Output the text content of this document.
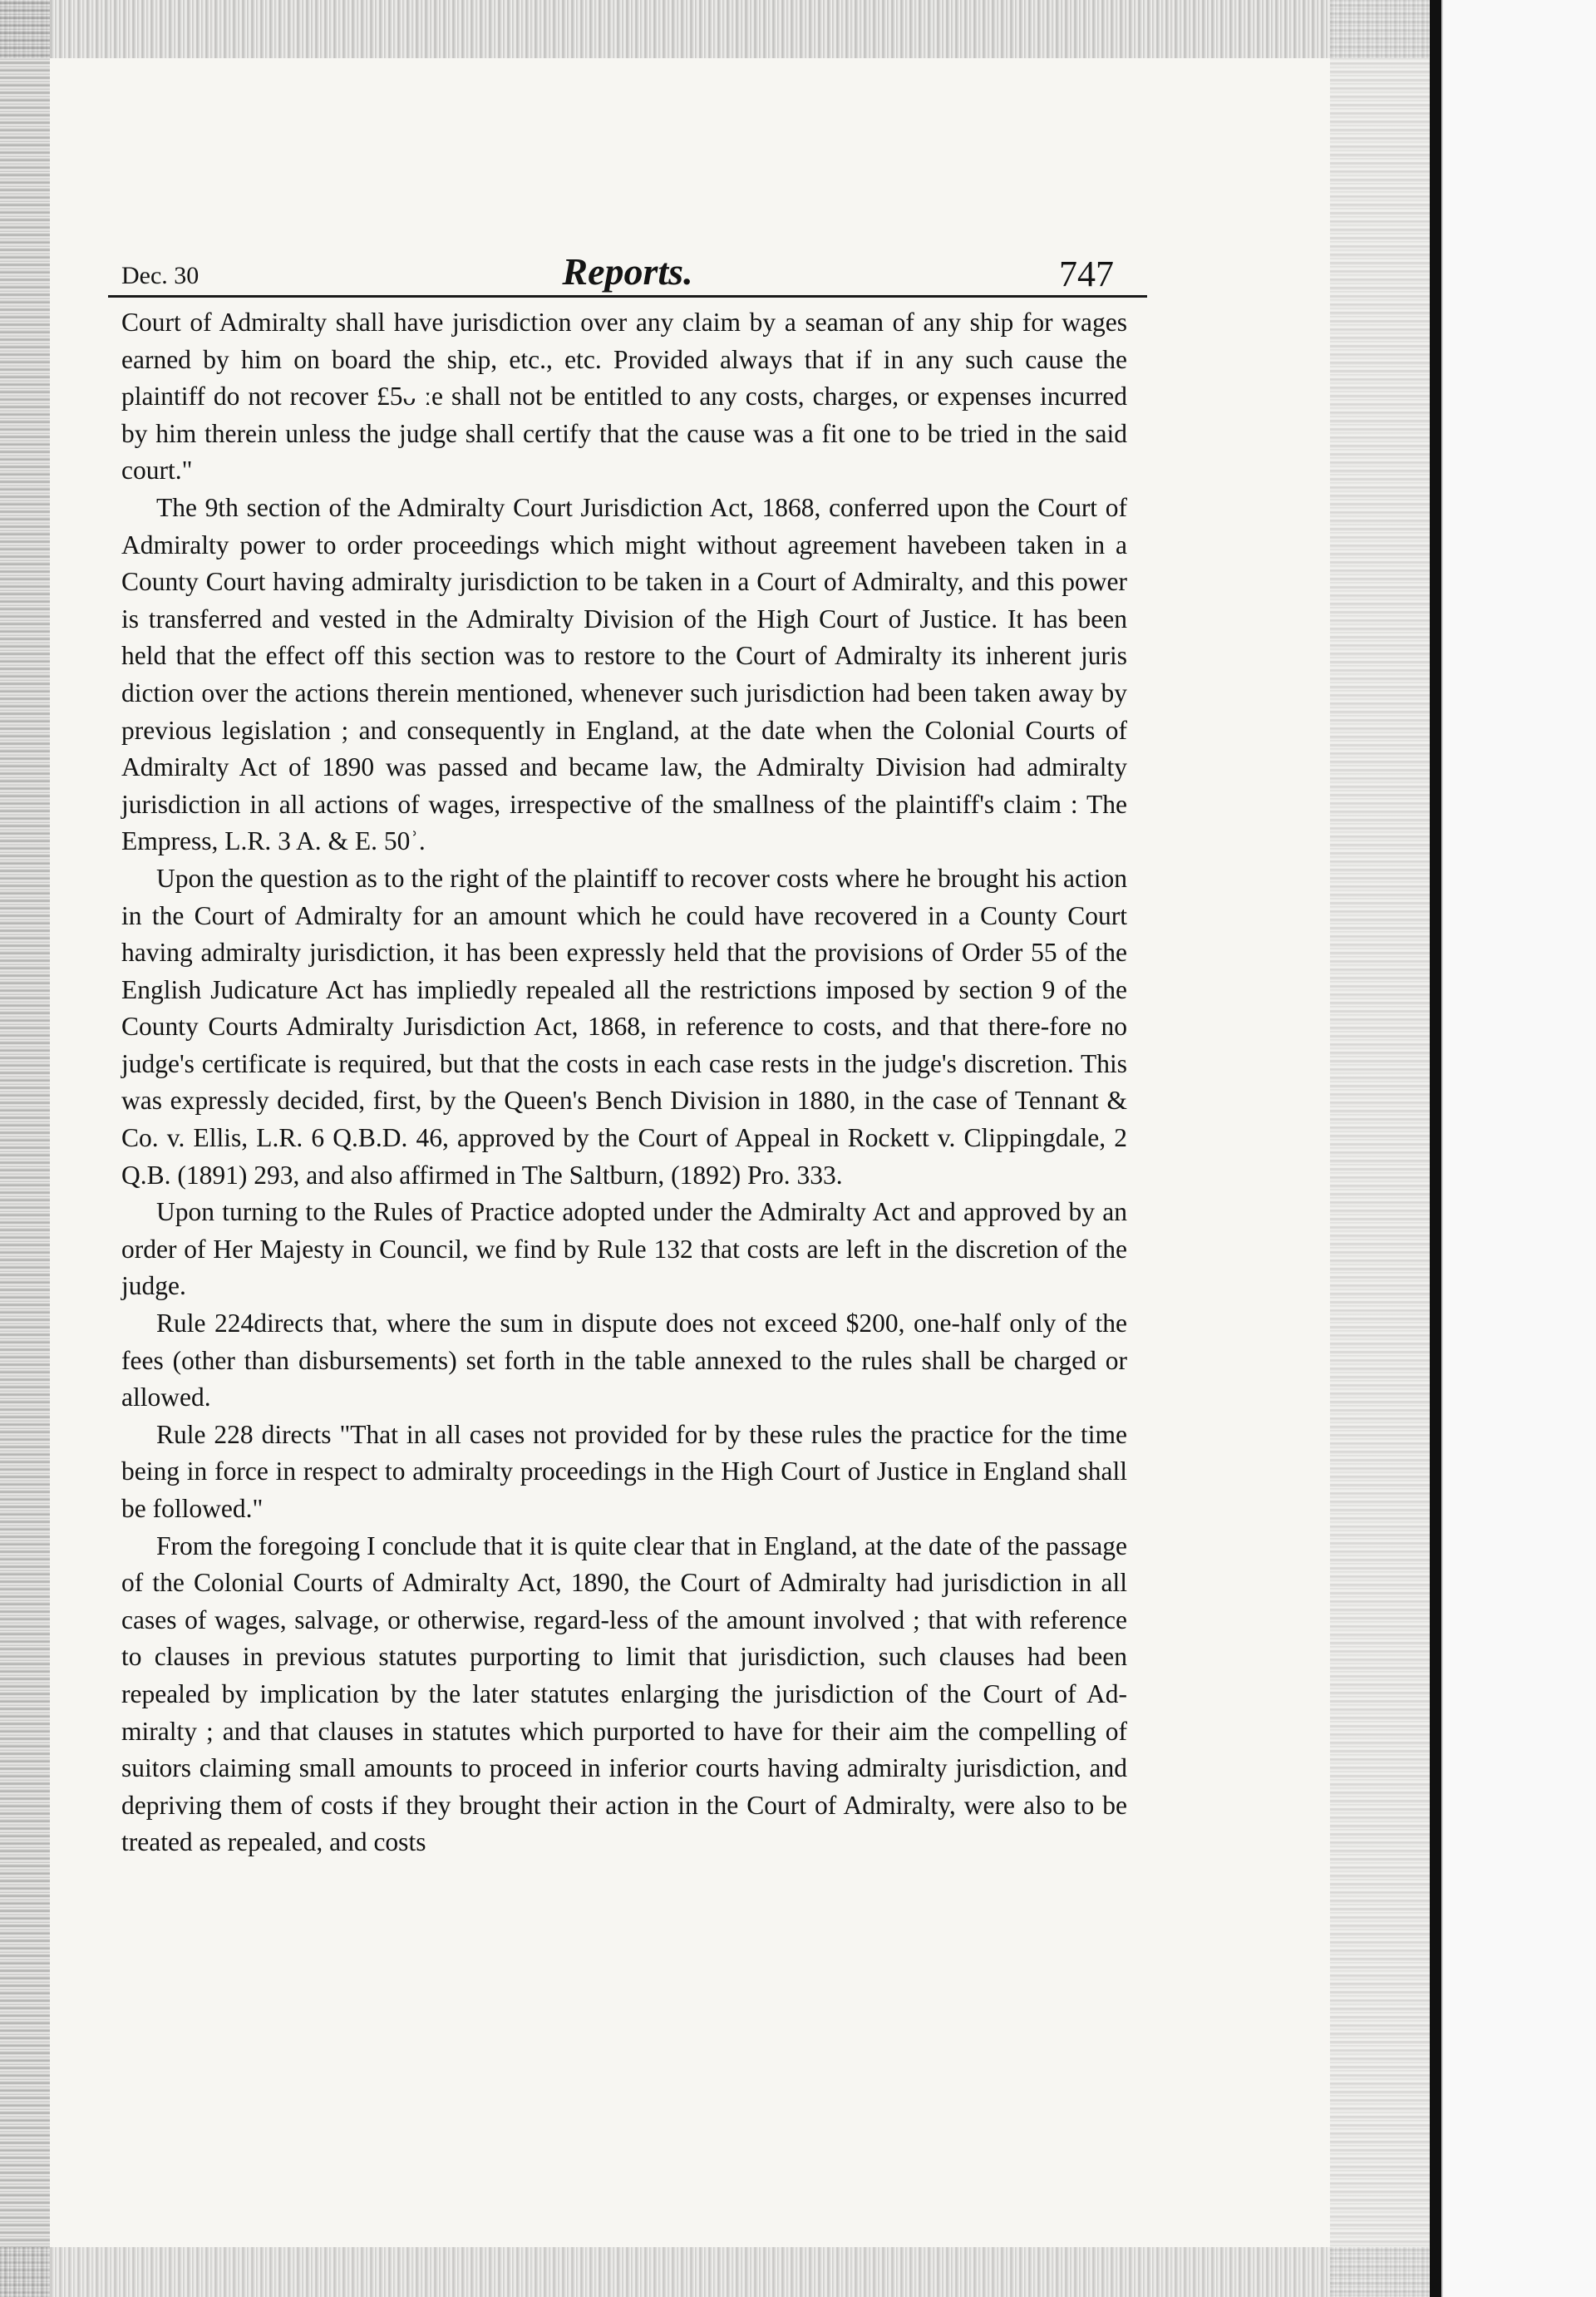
Dec. 30	Reports.	747

Court of Admiralty shall have jurisdiction over any claim by a seaman of any ship for wages earned by him on board the ship, etc., etc. Provided always that if in any such cause the plaintiff do not recover £5ᴗ ːe shall not be entitled to any costs, charges, or expenses incurred by him therein unless the judge shall certify that the cause was a fit one to be tried in the said court."

The 9th section of the Admiralty Court Jurisdiction Act, 1868, conferred upon the Court of Admiralty power to order proceedings which might without agreement havebeen taken in a County Court having admiralty jurisdiction to be taken in a Court of Admiralty, and this power is transferred and vested in the Admiralty Division of the High Court of Justice. It has been held that the effect off this section was to restore to the Court of Admiralty its inherent juris diction over the actions therein mentioned, whenever such jurisdiction had been taken away by previous legislation ; and consequently in England, at the date when the Colonial Courts of Admiralty Act of 1890 was passed and became law, the Admiralty Division had admiralty jurisdiction in all actions of wages, irrespective of the smallness of the plaintiff's claim : The Empress, L.R. 3 A. & E. 50ʾ.

Upon the question as to the right of the plaintiff to recover costs where he brought his action in the Court of Admiralty for an amount which he could have recovered in a County Court having admiralty jurisdiction, it has been expressly held that the provisions of Order 55 of the English Judicature Act has impliedly repealed all the restrictions imposed by section 9 of the County Courts Admiralty Jurisdiction Act, 1868, in reference to costs, and that there-fore no judge's certificate is required, but that the costs in each case rests in the judge's discretion. This was expressly decided, first, by the Queen's Bench Division in 1880, in the case of Tennant & Co. v. Ellis, L.R. 6 Q.B.D. 46, approved by the Court of Appeal in Rockett v. Clippingdale, 2 Q.B. (1891) 293, and also affirmed in The Saltburn, (1892) Pro. 333.

Upon turning to the Rules of Practice adopted under the Admiralty Act and approved by an order of Her Majesty in Council, we find by Rule 132 that costs are left in the discretion of the judge.

Rule 224directs that, where the sum in dispute does not exceed $200, one-half only of the fees (other than disbursements) set forth in the table annexed to the rules shall be charged or allowed.

Rule 228 directs "That in all cases not provided for by these rules the practice for the time being in force in respect to admiralty proceedings in the High Court of Justice in England shall be followed."

From the foregoing I conclude that it is quite clear that in England, at the date of the passage of the Colonial Courts of Admiralty Act, 1890, the Court of Admiralty had jurisdiction in all cases of wages, salvage, or otherwise, regard-less of the amount involved ; that with reference to clauses in previous statutes purporting to limit that jurisdiction, such clauses had been repealed by implication by the later statutes enlarging the jurisdiction of the Court of Ad-miralty ; and that clauses in statutes which purported to have for their aim the compelling of suitors claiming small amounts to proceed in inferior courts having admiralty jurisdiction, and depriving them of costs if they brought their action in the Court of Admiralty, were also to be treated as repealed, and costs
